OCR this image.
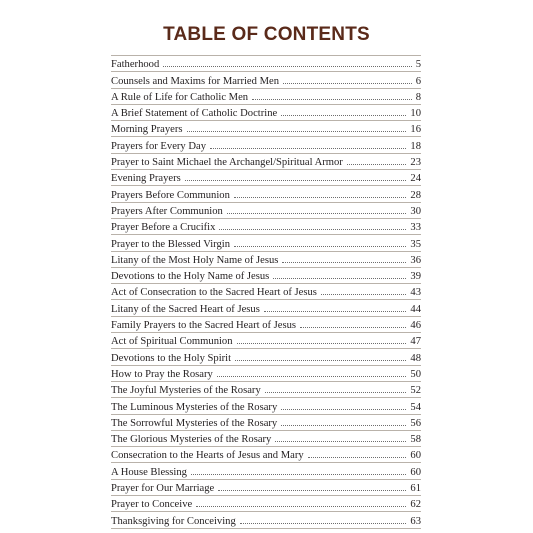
TABLE OF CONTENTS
Fatherhood	5
Counsels and Maxims for Married Men	6
A Rule of Life for Catholic Men	8
A Brief Statement of Catholic Doctrine	10
Morning Prayers	16
Prayers for Every Day	18
Prayer to Saint Michael the Archangel/Spiritual Armor	23
Evening Prayers	24
Prayers Before Communion	28
Prayers After Communion	30
Prayer Before a Crucifix	33
Prayer to the Blessed Virgin	35
Litany of the Most Holy Name of Jesus	36
Devotions to the Holy Name of Jesus	39
Act of Consecration to the Sacred Heart of Jesus	43
Litany of the Sacred Heart of Jesus	44
Family Prayers to the Sacred Heart of Jesus	46
Act of Spiritual Communion	47
Devotions to the Holy Spirit	48
How to Pray the Rosary	50
The Joyful Mysteries of the Rosary	52
The Luminous Mysteries of the Rosary	54
The Sorrowful Mysteries of the Rosary	56
The Glorious Mysteries of the Rosary	58
Consecration to the Hearts of Jesus and Mary	60
A House Blessing	60
Prayer for Our Marriage	61
Prayer to Conceive	62
Thanksgiving for Conceiving	63
